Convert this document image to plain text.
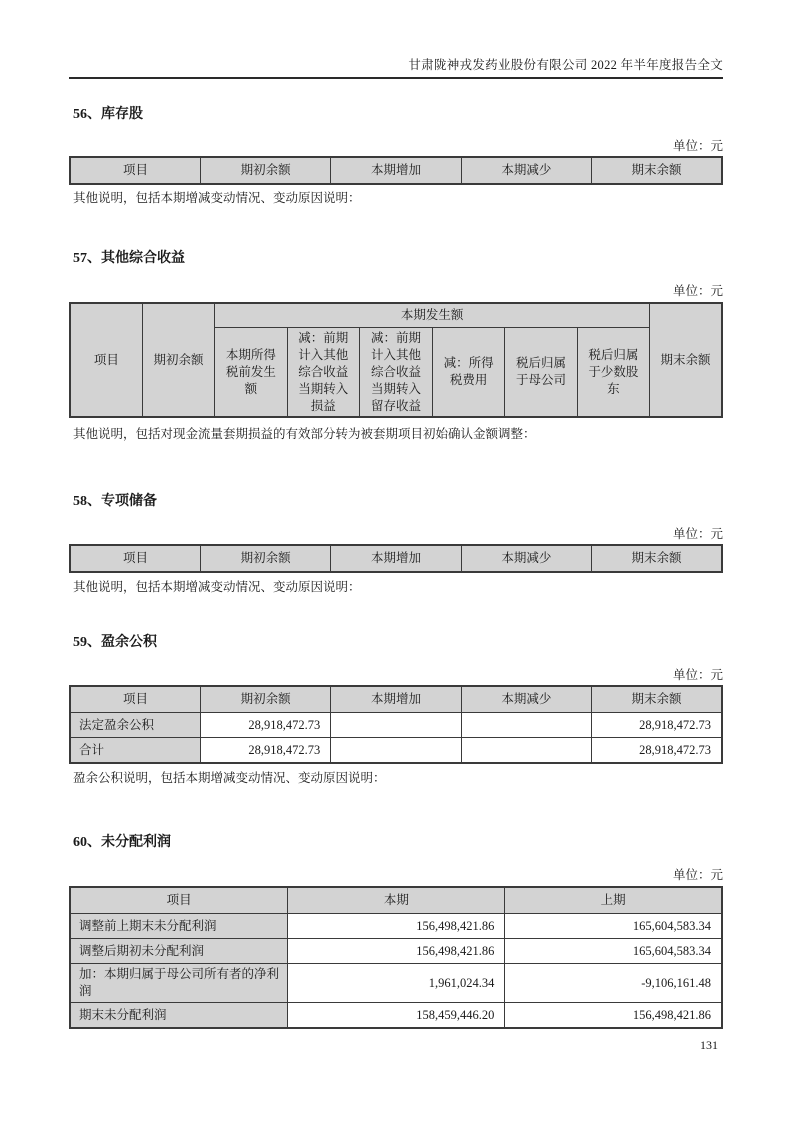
甘肃陇神戎发药业股份有限公司 2022 年半年度报告全文
56、库存股
单位：元
项目	期初余额	本期增加	本期减少	期末余额
其他说明，包括本期增减变动情况、变动原因说明：
57、其他综合收益
单位：元
项目	期初余额	本期发生额						期末余额
		本期所得税前发生额	减：前期计入其他综合收益当期转入损益	减：前期计入其他综合收益当期转入留存收益	减：所得税费用	税后归属于母公司	税后归属于少数股东	
其他说明，包括对现金流量套期损益的有效部分转为被套期项目初始确认金额调整：
58、专项储备
单位：元
项目	期初余额	本期增加	本期减少	期末余额
其他说明，包括本期增减变动情况、变动原因说明：
59、盈余公积
单位：元
项目	期初余额	本期增加	本期减少	期末余额
法定盈余公积	28,918,472.73			28,918,472.73
合计	28,918,472.73			28,918,472.73
盈余公积说明，包括本期增减变动情况、变动原因说明：
60、未分配利润
单位：元
项目	本期	上期
调整前上期末未分配利润	156,498,421.86	165,604,583.34
调整后期初未分配利润	156,498,421.86	165,604,583.34
加：本期归属于母公司所有者的净利润	1,961,024.34	-9,106,161.48
期末未分配利润	158,459,446.20	156,498,421.86
131
